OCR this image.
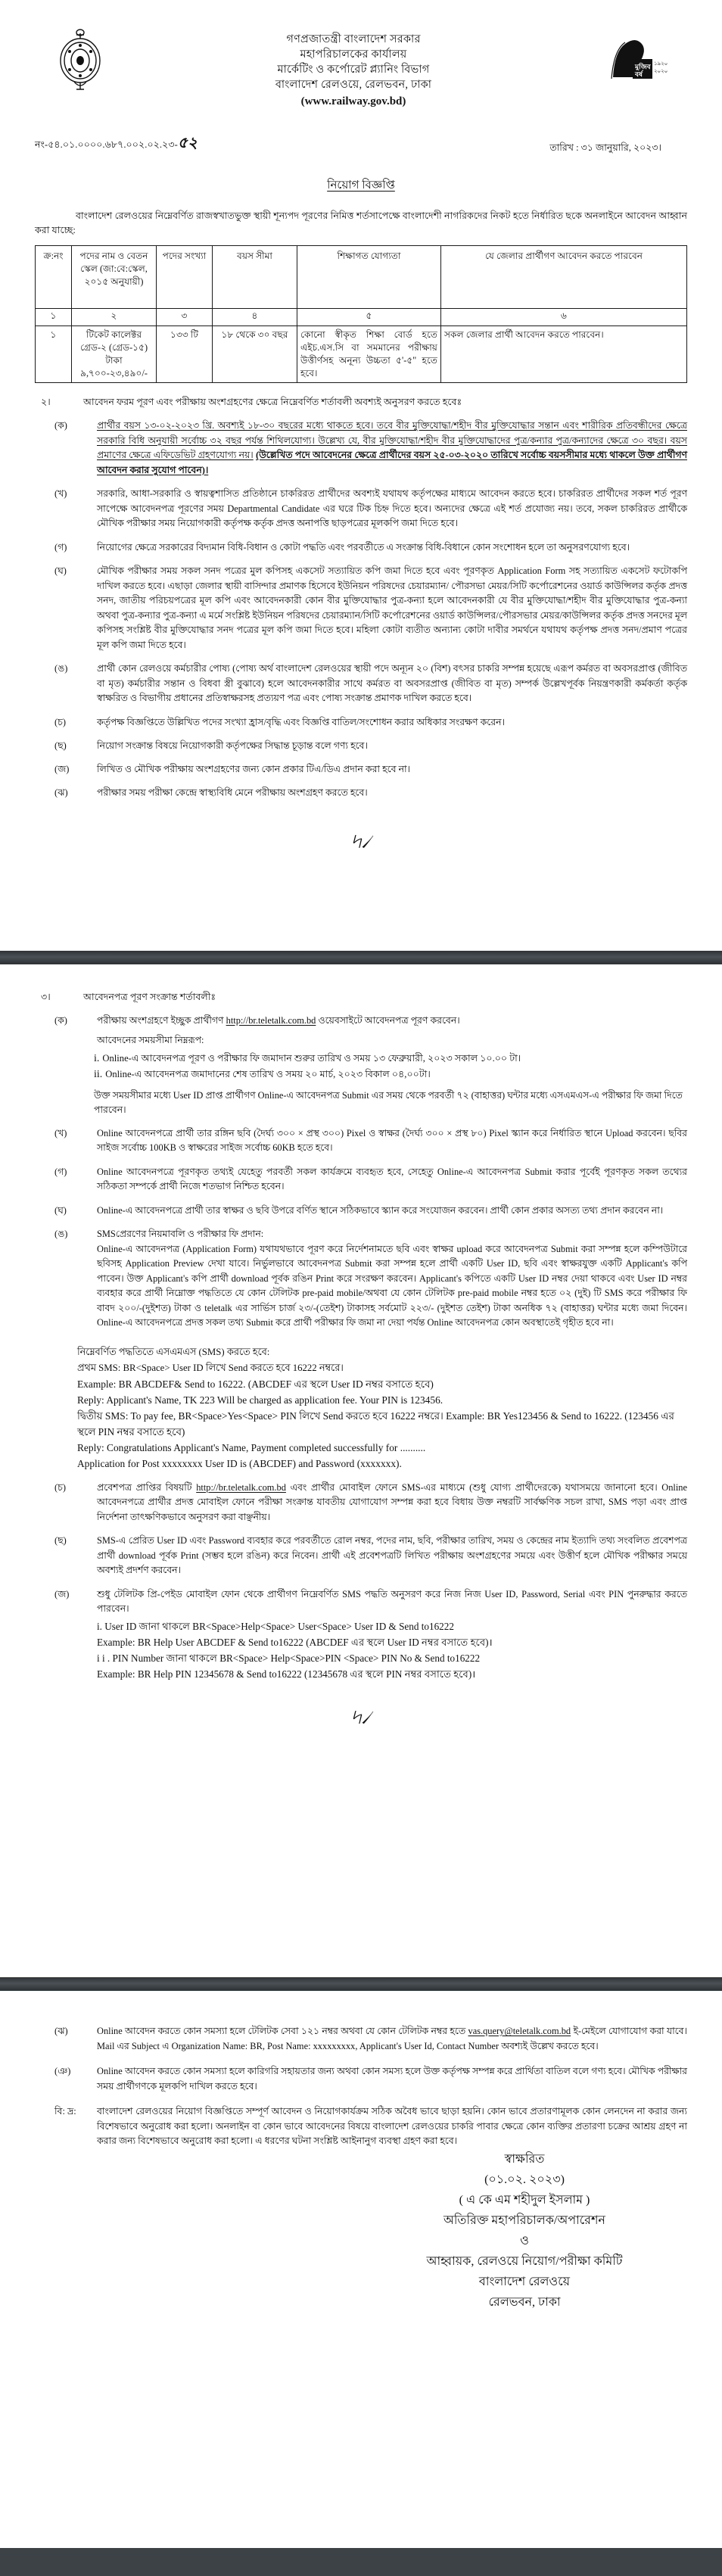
গণপ্রজাতন্ত্রী বাংলাদেশ সরকার
মহাপরিচালকের কার্যালয়
মার্কেটিং ও কর্পোরেট প্ল্যানিং বিভাগ
বাংলাদেশ রেলওয়ে, রেলভবন, ঢাকা
(www.railway.gov.bd)
মুজিব
বর্ষ
১৯২০
২০২০
নং-৫৪.০১.০০০০.৬৮৭.০০২.০২.২৩-৫২	তারিখ : ৩১ জানুয়ারি, ২০২৩।
নিয়োগ বিজ্ঞপ্তি
বাংলাদেশ রেলওয়ের নিম্নেবর্ণিত রাজস্বখাতভুক্ত স্থায়ী শূন্যপদ পূরণের নিমিত্ত শর্তসাপেক্ষে বাংলাদেশী নাগরিকদের নিকট হতে নির্ধারিত ছকে অনলাইনে আবেদন আহ্বান করা যাচ্ছে:
ক্র:নং	পদের নাম ও বেতন স্কেল (জা:বে:স্কেল, ২০১৫ অনুযায়ী)	পদের সংখ্যা	বয়স সীমা	শিক্ষাগত যোগ্যতা	যে জেলার প্রার্থীগণ আবেদন করতে পারবেন
১	২	৩	৪	৫	৬
১	টিকেট কালেক্টর গ্রেড-২ (গ্রেড-১৫) টাকা ৯,৭০০-২৩,৪৯০/-	১৩৩ টি	১৮ থেকে ৩০ বছর	কোনো স্বীকৃত শিক্ষা বোর্ড হতে এইচ.এস.সি বা সমমানের পরীক্ষায় উত্তীর্ণসহ অনূন্য উচ্চতা ৫'-৫" হতে হবে।	সকল জেলার প্রার্থী আবেদন করতে পারবেন।
২।	আবেদন ফরম পূরণ এবং পরীক্ষায় অংশগ্রহণের ক্ষেত্রে নিম্নেবর্ণিত শর্তাবলী অবশ্যই অনুসরণ করতে হবেঃ
(ক)	প্রার্থীর বয়স ১৩-০২-২০২৩ খ্রি. অবশ্যই ১৮-৩০ বছরের মধ্যে থাকতে হবে। তবে বীর মুক্তিযোদ্ধা/শহীদ বীর মুক্তিযোদ্ধার সন্তান এবং শারীরিক প্রতিবন্ধীদের ক্ষেত্রে সরকারি বিধি অনুযায়ী সর্বোচ্চ ৩২ বছর পর্যন্ত শিথিলযোগ্য। উল্লেখ্য যে, বীর মুক্তিযোদ্ধা/শহীদ বীর মুক্তিযোদ্ধাদের পুত্র/কন্যার পুত্র/কন্যাদের ক্ষেত্রে ৩০ বছর। বয়স প্রমাণের ক্ষেত্রে এফিডেভিট গ্রহণযোগ্য নয়। (উল্লেখিত পদে আবেদনের ক্ষেত্রে প্রার্থীদের বয়স ২৫-০৩-২০২০ তারিখে সর্বোচ্চ বয়সসীমার মধ্যে থাকলে উক্ত প্রার্থীগণ আবেদন করার সুযোগ পাবেন)।
(খ)	সরকারি, আধা-সরকারি ও স্বায়ত্বশাসিত প্রতিষ্ঠানে চাকরিরত প্রার্থীদের অবশ্যই যথাযথ কর্তৃপক্ষের মাধ্যমে আবেদন করতে হবে। চাকরিরত প্রার্থীদের সকল শর্ত পূরণ সাপেক্ষে আবেদনপত্র পূরণের সময় Departmental Candidate এর ঘরে টিক চিহ্ন দিতে হবে। অন্যদের ক্ষেত্রে এই শর্ত প্রযোজ্য নয়। তবে, সকল চাকরিরত প্রার্থীকে মৌখিক পরীক্ষার সময় নিয়োগকারী কর্তৃপক্ষ কর্তৃক প্রদত্ত অনাপত্তি ছাড়পত্রের মূলকপি জমা দিতে হবে।
(গ)	নিয়োগের ক্ষেত্রে সরকারের বিদ্যমান বিধি-বিধান ও কোটা পদ্ধতি এবং পরবর্তীতে এ সংক্রান্ত বিধি-বিধানে কোন সংশোধন হলে তা অনুসরণযোগ্য হবে।
(ঘ)	মৌখিক পরীক্ষার সময় সকল সনদ পত্রের মুল কপিসহ একসেট সত্যায়িত কপি জমা দিতে হবে এবং পূরণকৃত Application Form সহ সত্যায়িত একসেট ফটোকপি দাখিল করতে হবে। এছাড়া জেলার স্থায়ী বাসিন্দার প্রমাণক হিসেবে ইউনিয়ন পরিষদের চেয়ারম্যান/ পৌরসভা মেয়র/সিটি কর্পোরেশনের ওয়ার্ড কাউন্সিলর কর্তৃক প্রদত্ত সনদ, জাতীয় পরিচয়পত্রের মূল কপি এবং আবেদনকারী কোন বীর মুক্তিযোদ্ধার পুত্র-কন্যা হলে আবেদনকারী যে বীর মুক্তিযোদ্ধা/শহীদ বীর মুক্তিযোদ্ধার পুত্র-কন্যা অথবা পুত্র-কন্যার পুত্র-কন্যা এ মর্মে সংশ্লিষ্ট ইউনিয়ন পরিষদের চেয়ারম্যান/সিটি কর্পোরেশনের ওয়ার্ড কাউন্সিলর/পৌরসভার মেয়র/কাউন্সিলর কর্তৃক প্রদত্ত সনদের মূল কপিসহ সংশ্লিষ্ট বীর মুক্তিযোদ্ধার সনদ পত্রের মূল কপি জমা দিতে হবে। মহিলা কোটা ব্যতীত অন্যান্য কোটা দাবীর সমর্থনে যথাযথ কর্তৃপক্ষ প্রদত্ত সনদ/প্রমাণ পত্রের মূল কপি জমা দিতে হবে।
(ঙ)	প্রার্থী কোন রেলওয়ে কর্মচারীর পোষ্য (পোষ্য অর্থ বাংলাদেশ রেলওয়ের স্থায়ী পদে অন্যূন ২০ (বিশ) বৎসর চাকরি সম্পন্ন হয়েছে এরূপ কর্মরত বা অবসরপ্রাপ্ত (জীবিত বা মৃত) কর্মচারীর সন্তান ও বিধবা স্ত্রী বুঝাবে) হলে আবেদনকারীর সাথে কর্মরত বা অবসরপ্রাপ্ত (জীবিত বা মৃত) সম্পর্ক উল্লেখপূর্বক নিয়ন্ত্রণকারী কর্মকর্তা কর্তৃক স্বাক্ষরিত ও বিভাগীয় প্রধানের প্রতিস্বাক্ষরসহ প্রত্যয়ণ পত্র এবং পোষ্য সংক্রান্ত প্রমাণক দাখিল করতে হবে।
(চ)	কর্তৃপক্ষ বিজ্ঞপ্তিতে উল্লিখিত পদের সংখ্যা হ্রাস/বৃদ্ধি এবং বিজ্ঞপ্তি বাতিল/সংশোধন করার অধিকার সংরক্ষণ করেন।
(ছ)	নিয়োগ সংক্রান্ত বিষয়ে নিয়োগকারী কর্তৃপক্ষের সিদ্ধান্ত চূড়ান্ত বলে গণ্য হবে।
(জ)	লিখিত ও মৌখিক পরীক্ষায় অংশগ্রহণের জন্য কোন প্রকার টিএ/ডিএ প্রদান করা হবে না।
(ঝ)	পরীক্ষার সময় পরীক্ষা কেন্দ্রে স্বাস্থ্যবিধি মেনে পরীক্ষায় অংশগ্রহণ করতে হবে।
৸৴
৩।	আবেদনপত্র পূরণ সংক্রান্ত শর্তাবলীঃ
(ক)	পরীক্ষায় অংশগ্রহণে ইচ্ছুক প্রার্থীগণ http://br.teletalk.com.bd ওয়েবসাইটে আবেদনপত্র পূরণ করবেন।
আবেদনের সময়সীমা নিম্নরূপ:
i. Online-এ আবেদনপত্র পূরণ ও পরীক্ষার ফি জমাদান শুরুর তারিখ ও সময় ১৩ ফেব্রুয়ারী, ২০২৩ সকাল ১০.০০ টা।
ii. Online-এ আবেদনপত্র জমাদানের শেষ তারিখ ও সময় ২০ মার্চ, ২০২৩ বিকাল ০৪,০০টা।
উক্ত সময়সীমার মধ্যে User ID প্রাপ্ত প্রার্থীগণ Online-এ আবেদনপত্র Submit এর সময় থেকে পরবর্তী ৭২ (বাহাত্তর) ঘন্টার মধ্যে এসএমএস-এ পরীক্ষার ফি জমা দিতে পারবেন।
(খ)	Online আবেদনপত্রে প্রার্থী তার রঙ্গিন ছবি (দৈর্ঘ্য ৩০০ × প্রস্থ ৩০০) Pixel ও স্বাক্ষর (দৈর্ঘ্য ৩০০ × প্রস্থ ৮০) Pixel স্ক্যান করে নির্ধারিত স্থানে Upload করবেন। ছবির সাইজ সর্বোচ্চ 100KB ও স্বাক্ষরের সাইজ সর্বোচ্চ 60KB হতে হবে।
(গ)	Online আবেদনপত্রে পূরণকৃত তথ্যই যেহেতু পরবর্তী সকল কার্যক্রমে ব্যবহৃত হবে, সেহেতু Online-এ আবেদনপত্র Submit করার পূর্বেই পূরণকৃত সকল তথ্যের সঠিকতা সম্পর্কে প্রার্থী নিজে শতভাগ নিশ্চিত হবেন।
(ঘ)	Online-এ আবেদনপত্রে প্রার্থী তার স্বাক্ষর ও ছবি উপরে বর্ণিত স্থানে সঠিকভাবে স্ক্যান করে সংযোজন করবেন। প্রার্থী কোন প্রকার অসত্য তথ্য প্রদান করবেন না।
(ঙ)	SMSপ্রেরণের নিয়মাবলি ও পরীক্ষার ফি প্রদান:
Online-এ আবেদনপত্র (Application Form) যথাযথভাবে পূরণ করে নির্দেশনামতে ছবি এবং স্বাক্ষর upload করে আবেদনপত্র Submit করা সম্পন্ন হলে কম্পিউটারে ছবিসহ Application Preview দেখা যাবে। নির্ভুলভাবে আবেদনপত্র Submit করা সম্পন্ন হলে প্রার্থী একটি User ID, ছবি এবং স্বাক্ষরযুক্ত একটি Applicant's কপি পাবেন। উক্ত Applicant's কপি প্রার্থী download পূর্বক রঙিন Print করে সংরক্ষণ করবেন। Applicant's কপিতে একটি User ID নম্বর দেয়া থাকবে এবং User ID নম্বর ব্যবহার করে প্রার্থী নিম্নোক্ত পদ্ধতিতে যে কোন টেলিটক pre-paid mobile/অথবা যে কোন টেলিটক pre-paid mobile নম্বর হতে ০২ (দুই) টি SMS করে পরীক্ষার ফি বাবদ ২০০/-(দুইশত) টাকা ও teletalk এর সার্ভিস চার্জ ২৩/-(তেইশ) টাকাসহ সর্বমোট ২২৩/- (দুইশত তেইশ) টাকা অনধিক ৭২ (বাহাত্তর) ঘন্টার মধ্যে জমা দিবেন। Online-এ আবেদনপত্রে প্রদত্ত সকল তথ্য Submit করে প্রার্থী পরীক্ষার ফি জমা না দেয়া পর্যন্ত Online আবেদনপত্র কোন অবস্থাতেই গৃহীত হবে না।
নিম্নেবর্ণিত পদ্ধতিতে এসএমএস (SMS) করতে হবে:
প্রথম SMS: BR<Space> User ID লিখে Send করতে হবে 16222 নম্বরে।
Example: BR ABCDEF& Send to 16222. (ABCDEF এর স্থলে User ID নম্বর বসাতে হবে)
Reply: Applicant's Name, TK 223 Will be charged as application fee. Your PIN is 123456.
দ্বিতীয় SMS: To pay fee, BR<Space>Yes<Space> PIN লিখে Send করতে হবে 16222 নম্বরে। Example: BR Yes123456 & Send to 16222. (123456 এর স্থলে PIN নম্বর বসাতে হবে)
Reply: Congratulations Applicant's Name, Payment completed successfully for ..........
Application for Post xxxxxxxx User ID is (ABCDEF) and Password (xxxxxxx).
(চ)	প্রবেশপত্র প্রাপ্তির বিষয়টি http://br.teletalk.com.bd এবং প্রার্থীর মোবাইল ফোনে SMS-এর মাধ্যমে (শুধু যোগ্য প্রার্থীদেরকে) যথাসময়ে জানানো হবে। Online আবেদনপত্রে প্রার্থীর প্রদত্ত মোবাইল ফোনে পরীক্ষা সংক্রান্ত যাবতীয় যোগাযোগ সম্পন্ন করা হবে বিধায় উক্ত নম্বরটি সার্বক্ষণিক সচল রাখা, SMS পড়া এবং প্রাপ্ত নির্দেশনা তাৎক্ষণিকভাবে অনুসরণ করা বাঞ্ছনীয়।
(ছ)	SMS-এ প্রেরিত User ID এবং Password ব্যবহার করে পরবর্তীতে রোল নম্বর, পদের নাম, ছবি, পরীক্ষার তারিখ, সময় ও কেন্দ্রের নাম ইত্যাদি তথ্য সংবলিত প্রবেশপত্র প্রার্থী download পূর্বক Print (সম্ভব হলে রঙিন) করে নিবেন। প্রার্থী এই প্রবেশপত্রটি লিখিত পরীক্ষায় অংশগ্রহণের সময়ে এবং উত্তীর্ণ হলে মৌখিক পরীক্ষার সময়ে অবশ্যই প্রদর্শণ করবেন।
(জ)	শুধু টেলিটক প্রি-পেইড মোবাইল ফোন থেকে প্রার্থীগণ নিম্নেবর্ণিত SMS পদ্ধতি অনুসরণ করে নিজ নিজ User ID, Password, Serial এবং PIN পুনরুদ্ধার করতে পারবেন।
i. User ID জানা থাকলে BR<Space>Help<Space> User<Space> User ID & Send to16222
Example: BR Help User ABCDEF & Send to16222 (ABCDEF এর স্থলে User ID নম্বর বসাতে হবে)।
i i . PIN Number জানা থাকলে BR<Space> Help<Space>PIN <Space> PIN No & Send to16222
Example: BR Help PIN 12345678 & Send to16222 (12345678 এর স্থলে PIN নম্বর বসাতে হবে)।
৸৴
(ঝ)	Online আবেদন করতে কোন সমস্যা হলে টেলিটক সেবা ১২১ নম্বর অথবা যে কোন টেলিটক নম্বর হতে vas.query@teletalk.com.bd ই-মেইলে যোগাযোগ করা যাবে। Mail এর Subject এ Organization Name: BR, Post Name: xxxxxxxxx, Applicant's User Id, Contact Number অবশ্যই উল্লেখ করতে হবে।
(ঞ)	Online আবেদন করতে কোন সমস্যা হলে কারিগরি সহায়তার জন্য অথবা কোন সমস্য হলে উক্ত কর্তৃপক্ষ সম্পন্ন করে প্রার্থিতা বাতিল বলে গণ্য হবে। মৌখিক পরীক্ষার সময় প্রার্থীগণকে মূলকপি দাখিল করতে হবে।
বি: দ্র:	বাংলাদেশ রেলওয়ের নিয়োগ বিজ্ঞপ্তিতে সম্পূর্ণ আবেদন ও নিয়োগকার্যক্রম সঠিক অবৈধ ভাবে ছাড়া হয়নি। কোন ভাবে প্রতারণামূলক কোন লেনদেন না করার জন্য বিশেষভাবে অনুরোধ করা হলো। অনলাইন বা কোন ভাবে আবেদনের বিষয়ে বাংলাদেশ রেলওয়ের চাকরি পাবার ক্ষেত্রে কোন ব্যক্তির প্রতারণা চক্রের আশ্রয় গ্রহণ না করার জন্য বিশেষভাবে অনুরোধ করা হলো। এ ধরণের ঘটনা সংশ্লিষ্ট আইনানুগ ব্যবস্থা গ্রহণ করা হবে।
স্বাক্ষরিত
(০১.০২. ২০২৩)
( এ কে এম শহীদুল ইসলাম )
অতিরিক্ত মহাপরিচালক/অপারেশন
ও
আহ্বায়ক, রেলওয়ে নিয়োগ/পরীক্ষা কমিটি
বাংলাদেশ রেলওয়ে
রেলভবন, ঢাকা
